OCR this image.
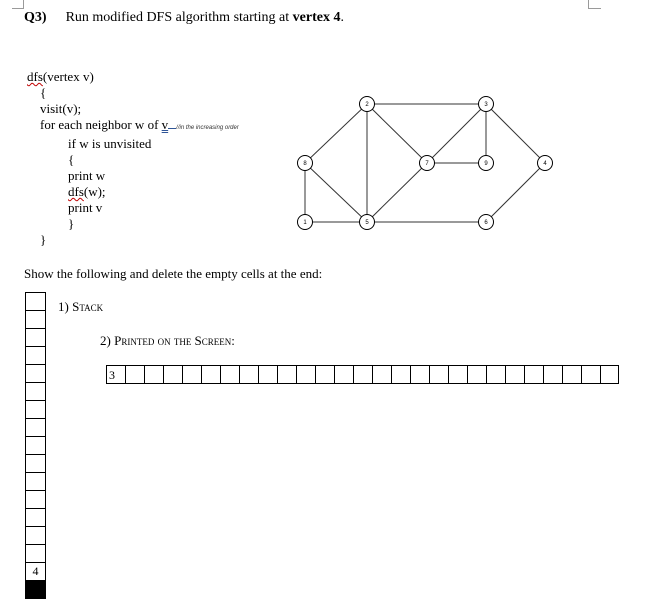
Q3) Run modified DFS algorithm starting at vertex 4.
dfs(vertex v)
{
visit(v);
for each neighbor w of v //in the increasing order
if w is unvisited
{
print w
dfs(w);
print v
}
}
1
2	3
4
5	6
7
8	9
Show the following and delete the empty cells at the end:
1) Stack
2) Printed on the Screen:
4
3
